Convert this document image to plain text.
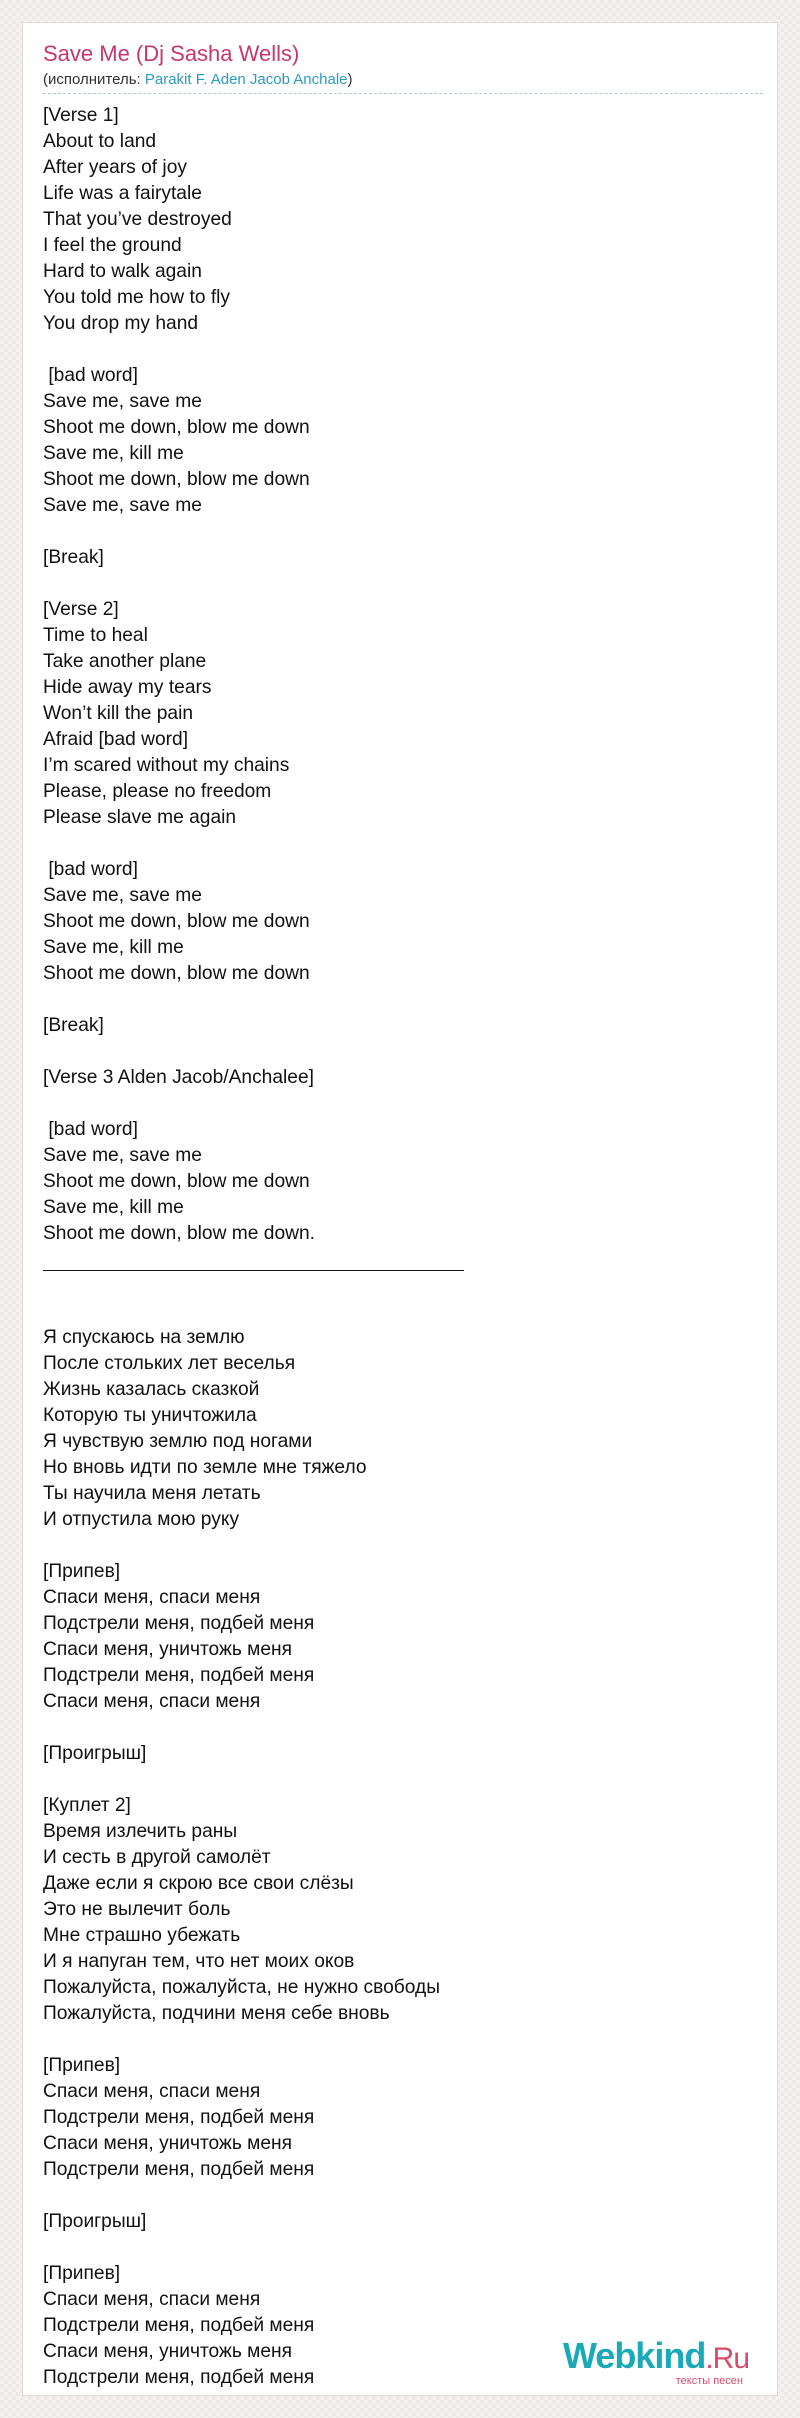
Save Me (Dj Sasha Wells)
(исполнитель: Parakit F. Aden Jacob Anchale)
[Verse 1]
About to land
After years of joy
Life was a fairytale
That you’ve destroyed
I feel the ground
Hard to walk again
You told me how to fly
You drop my hand

[bad word]
Save me, save me
Shoot me down, blow me down
Save me, kill me
Shoot me down, blow me down
Save me, save me

[Break]

[Verse 2]
Time to heal
Take another plane
Hide away my tears
Won’t kill the pain
Afraid [bad word]
I’m scared without my chains
Please, please no freedom
Please slave me again

[bad word]
Save me, save me
Shoot me down, blow me down
Save me, kill me
Shoot me down, blow me down

[Break]

[Verse 3 Alden Jacob/Anchalee]

[bad word]
Save me, save me
Shoot me down, blow me down
Save me, kill me
Shoot me down, blow me down.

Я спускаюсь на землю
После стольких лет веселья
Жизнь казалась сказкой
Которую ты уничтожила
Я чувствую землю под ногами
Но вновь идти по земле мне тяжело
Ты научила меня летать
И отпустила мою руку

[Припев]
Спаси меня, спаси меня
Подстрели меня, подбей меня
Спаси меня, уничтожь меня
Подстрели меня, подбей меня
Спаси меня, спаси меня

[Проигрыш]

[Куплет 2]
Время излечить раны
И сесть в другой самолёт
Даже если я скрою все свои слёзы
Это не вылечит боль
Мне страшно убежать
И я напуган тем, что нет моих оков
Пожалуйста, пожалуйста, не нужно свободы
Пожалуйста, подчини меня себе вновь

[Припев]
Спаси меня, спаси меня
Подстрели меня, подбей меня
Спаси меня, уничтожь меня
Подстрели меня, подбей меня

[Проигрыш]

[Припев]
Спаси меня, спаси меня
Подстрели меня, подбей меня
Спаси меня, уничтожь меня
Подстрели меня, подбей меня
Webkind.Ru
тексты песен
